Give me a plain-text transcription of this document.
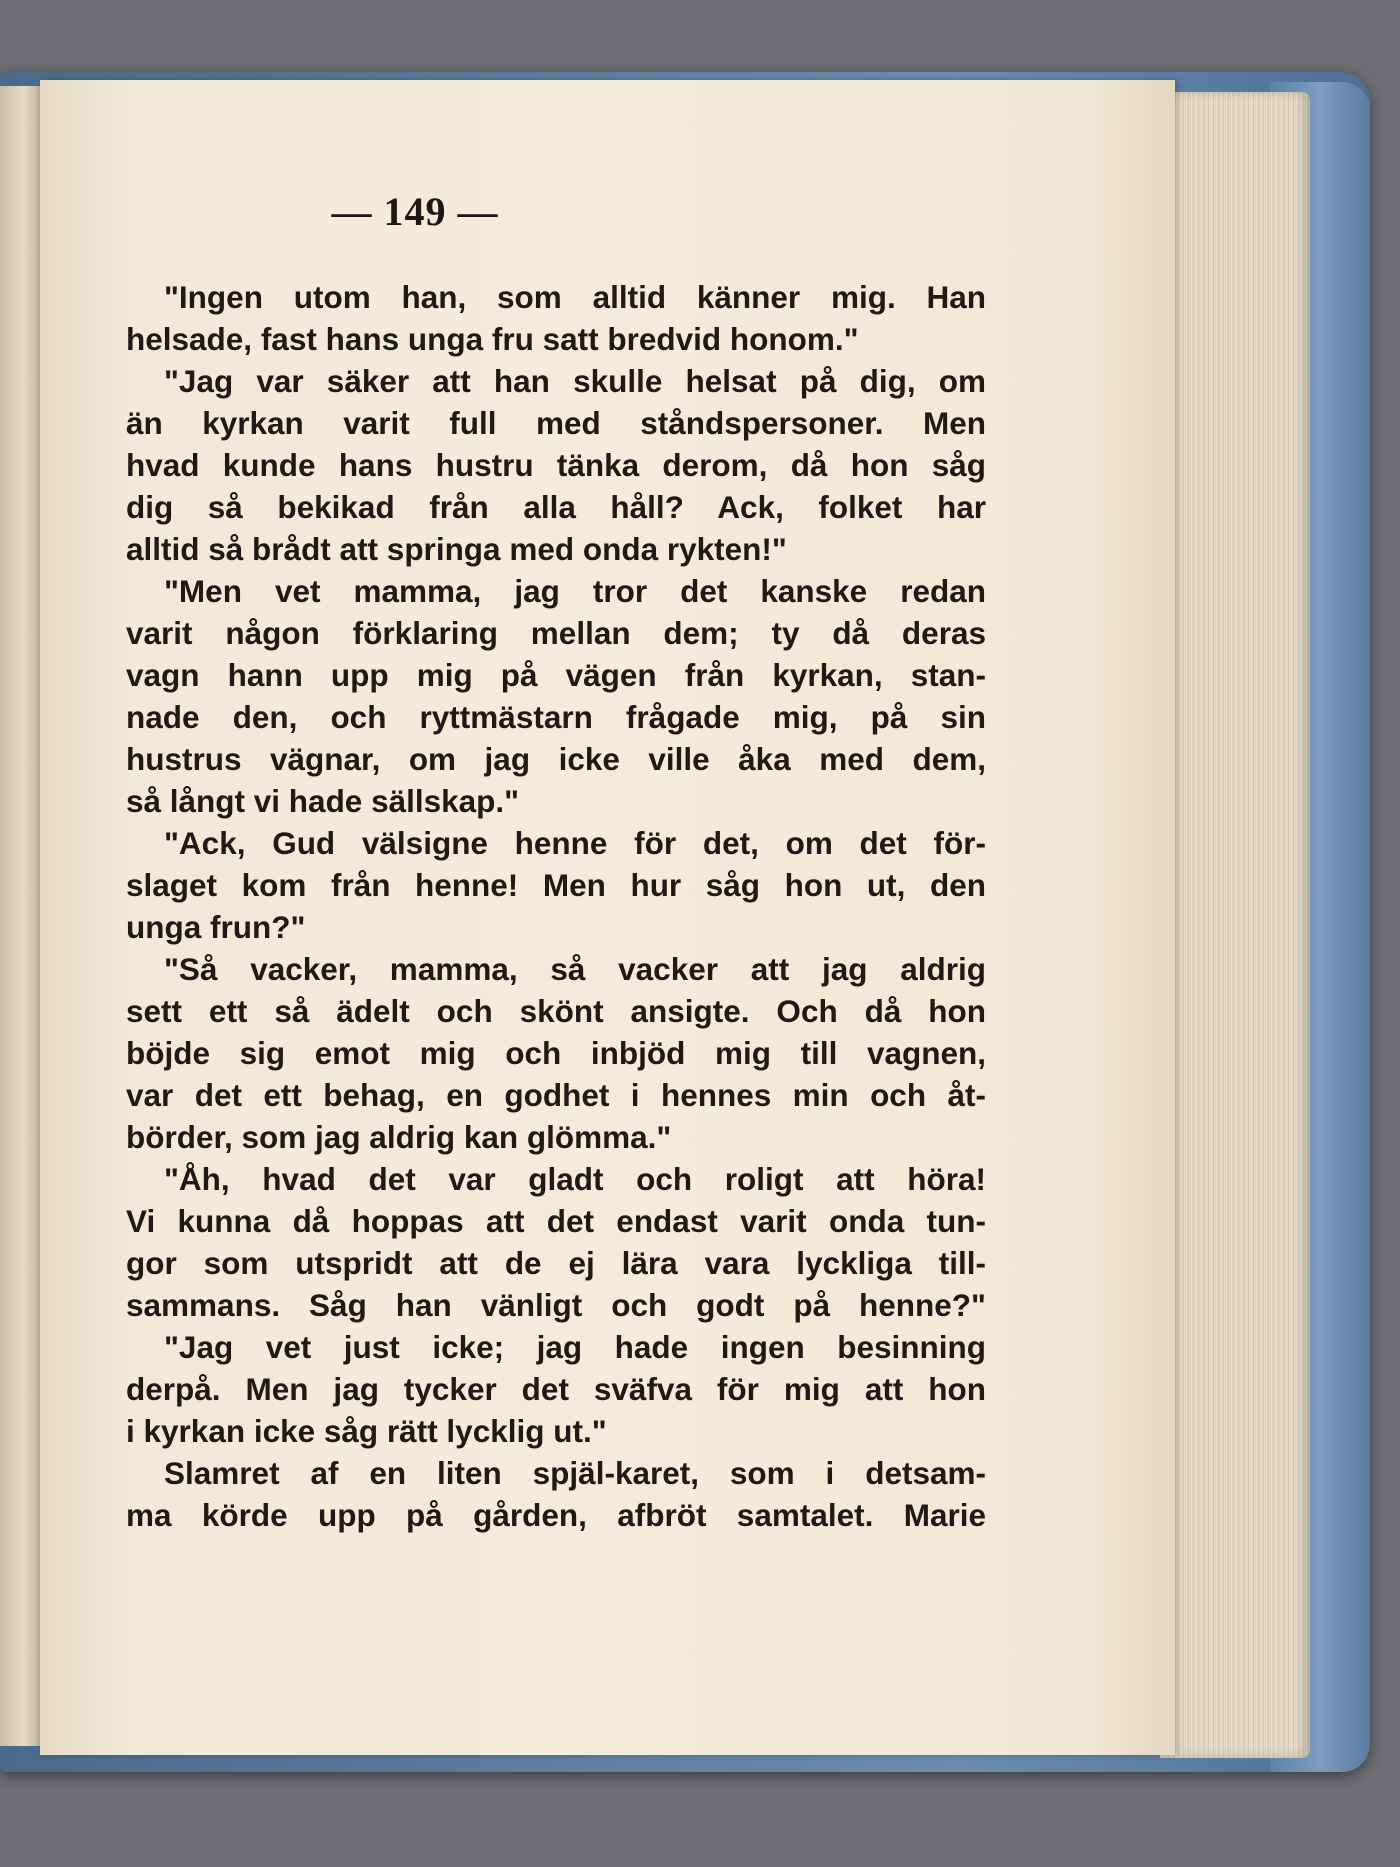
— 149 —
"Ingen utom han, som alltid känner mig. Han
helsade, fast hans unga fru satt bredvid honom."
"Jag var säker att han skulle helsat på dig, om
än kyrkan varit full med ståndspersoner. Men
hvad kunde hans hustru tänka derom, då hon såg
dig så bekikad från alla håll? Ack, folket har
alltid så brådt att springa med onda rykten!"
"Men vet mamma, jag tror det kanske redan
varit någon förklaring mellan dem; ty då deras
vagn hann upp mig på vägen från kyrkan, stan-
nade den, och ryttmästarn frågade mig, på sin
hustrus vägnar, om jag icke ville åka med dem,
så långt vi hade sällskap."
"Ack, Gud välsigne henne för det, om det för-
slaget kom från henne! Men hur såg hon ut, den
unga frun?"
"Så vacker, mamma, så vacker att jag aldrig
sett ett så ädelt och skönt ansigte. Och då hon
böjde sig emot mig och inbjöd mig till vagnen,
var det ett behag, en godhet i hennes min och åt-
börder, som jag aldrig kan glömma."
"Åh, hvad det var gladt och roligt att höra!
Vi kunna då hoppas att det endast varit onda tun-
gor som utspridt att de ej lära vara lyckliga till-
sammans. Såg han vänligt och godt på henne?"
"Jag vet just icke; jag hade ingen besinning
derpå. Men jag tycker det sväfva för mig att hon
i kyrkan icke såg rätt lycklig ut."
Slamret af en liten spjäl-karet, som i detsam-
ma körde upp på gården, afbröt samtalet. Marie
